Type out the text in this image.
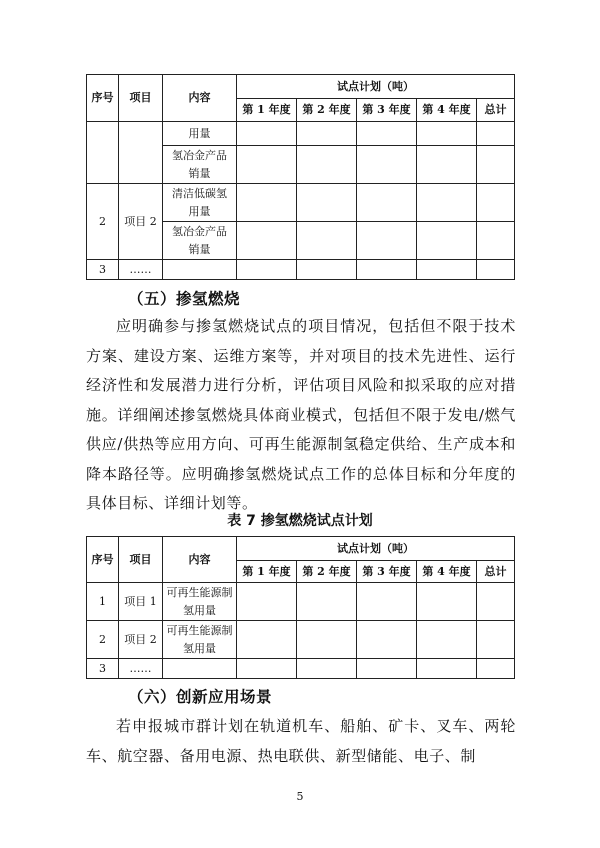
序号	项目	内容	试点计划（吨）				
			第 1 年度	第 2 年度	第 3 年度	第 4 年度	总计
		用量					
		氢冶金产品销量					
2	项目 2	清洁低碳氢用量					
		氢冶金产品销量					
3	……						
（五）掺氢燃烧
应明确参与掺氢燃烧试点的项目情况，包括但不限于技术方案、建设方案、运维方案等，并对项目的技术先进性、运行经济性和发展潜力进行分析，评估项目风险和拟采取的应对措施。详细阐述掺氢燃烧具体商业模式，包括但不限于发电/燃气供应/供热等应用方向、可再生能源制氢稳定供给、生产成本和降本路径等。应明确掺氢燃烧试点工作的总体目标和分年度的具体目标、详细计划等。
表 7 掺氢燃烧试点计划
序号	项目	内容	试点计划（吨）				
			第 1 年度	第 2 年度	第 3 年度	第 4 年度	总计
1	项目 1	可再生能源制氢用量					
2	项目 2	可再生能源制氢用量					
3	……						
（六）创新应用场景
若申报城市群计划在轨道机车、船舶、矿卡、叉车、两轮车、航空器、备用电源、热电联供、新型储能、电子、制
5
